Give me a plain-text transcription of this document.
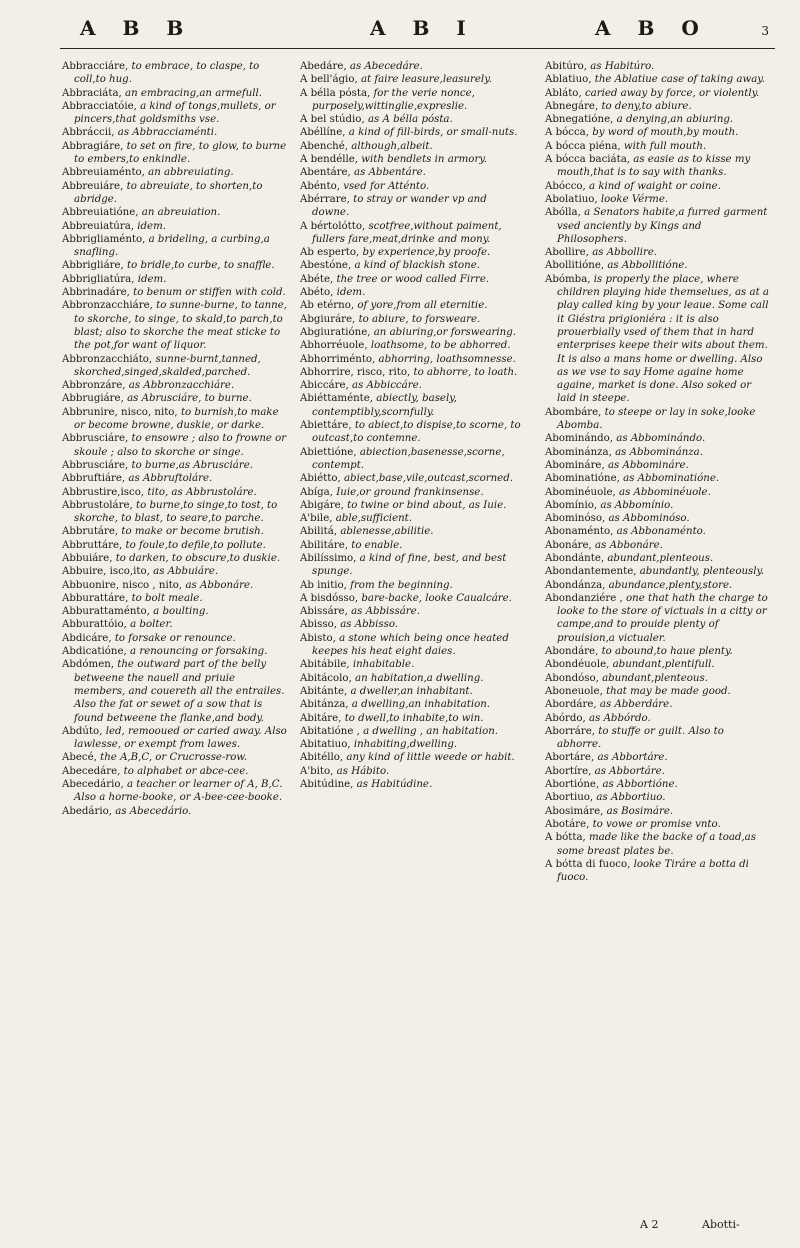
A B B	A B I	A B O	3

Abbracciáre, to embrace, to claspe, to coll,to hug.

Abbraciáta, an embracing,an armefull.

Abbracciatóie, a kind of tongs,mullets, or pincers,that goldsmiths vse.

Abbráccii, as Abbracciaménti.

Abbragiáre, to set on fire, to glow, to burne to embers,to enkindle.

Abbreuiaménto, an abbreuiating.

Abbreuiáre, to abreuiate, to shorten,to abridge.

Abbreuiatióne, an abreuiation.

Abbreuiatúra, idem.

Abbrigliaménto, a brideling, a curbing,a snafling.

Abbrigliáre, to bridle,to curbe, to snaffle.

Abbrigliatúra, idem.

Abbrinadáre, to benum or stiffen with cold.

Abbronzacchiáre, to sunne-burne, to tanne, to skorche, to singe, to skald,to parch,to blast; also to skorche the meat sticke to the pot,for want of liquor.

Abbronzacchiáto, sunne-burnt,tanned, skorched,singed,skalded,parched.

Abbronzáre, as Abbronzacchiáre.

Abbrugiáre, as Abrusciáre, to burne.

Abbrunire, nisco, nito, to burnish,to make or become browne, duskie, or darke.

Abbrusciáre, to ensowre ; also to frowne or skoule ; also to skorche or singe.

Abbrusciáre, to burne,as Abrusciáre.

Abbruftiáre, as Abbruftoláre.

Abbrustire,isco, tito, as Abbrustoláre.

Abbrustoláre, to burne,to singe,to tost, to skorche, to blast, to seare,to parche.

Abbrutáre, to make or become brutish.

Abbruttáre, to foule,to defile,to pollute.

Abbuiáre, to darken, to obscure,to duskie.

Abbuire, isco,ito, as Abbuiáre.

Abbuonire, nisco , nito, as Abbonáre.

Abburattáre, to bolt meale.

Abburattaménto, a boulting.

Abburattóio, a bolter.

Abdicáre, to forsake or renounce.

Abdicatióne, a renouncing or forsaking.

Abdómen, the outward part of the belly betweene the nauell and priuie members, and couereth all the entrailes. Also the fat or sewet of a sow that is found betweene the flanke,and body.

Abdúto, led, remooued or caried away. Also lawlesse, or exempt from lawes.

Abecé, the A,B,C, or Crucrosse-row.

Abecedáre, to alphabet or abce-cee.

Abecedário, a teacher or learner of A, B,C. Also a horne-booke, or A-bee-cee-booke.

Abedário, as Abecedário.

Abedáre, as Abecedáre.

A bell'ágio, at faire leasure,leasurely.

A bélla pósta, for the verie nonce, purposely,wittinglie,expreslie.

A bel stúdio, as A bélla pósta.

Abéllíne, a kind of fill-birds, or small-nuts.

Abenché, although,albeit.

A bendélle, with bendlets in armory.

Abentáre, as Abbentáre.

Abénto, vsed for Atténto.

Abérrare, to stray or wander vp and downe.

A bértolótto, scotfree,without paiment, fullers fare,meat,drinke and mony.

Ab esperto, by experience,by proofe.

Abestóne, a kind of blackish stone.

Abéte, the tree or wood called Firre.

Abéto, idem.

Ab etérno, of yore,from all eternitie.

Abgiuráre, to abiure, to forsweare.

Abgiuratióne, an abiuring,or forswearing.

Abhorréuole, loathsome, to be abhorred.

Abhorriménto, abhorring, loathsomnesse.

Abhorrire, risco, rito, to abhorre, to loath.

Abiccáre, as Abbiccáre.

Abiéttaménte, abiectly, basely, contemptibly,scornfully.

Abiettáre, to abiect,to dispise,to scorne, to outcast,to contemne.

Abiettióne, abiection,basenesse,scorne, contempt.

Abiétto, abiect,base,vile,outcast,scorned.

Abíga, Iuie,or ground frankinsense.

Abigáre, to twine or bind about, as Iuie.

A'bile, able,sufficient.

Abilitá, ablenesse,abilitie.

Abilitáre, to enable.

Abilíssimo, a kind of fine, best, and best spunge.

Ab initio, from the beginning.

A bisdósso, bare-backe, looke Caualcáre.

Abissáre, as Abbissáre.

Abisso, as Abbisso.

Abisto, a stone which being once heated keepes his heat eight daies.

Abitábile, inhabitable.

Abitácolo, an habitation,a dwelling.

Abitánte, a dweller,an inhabitant.

Abitánza, a dwelling,an inhabitation.

Abitáre, to dwell,to inhabite,to win.

Abitatióne , a dwelling , an habitation.

Abitatiuo, inhabiting,dwelling.

Abitéllo, any kind of little weede or habit.

A'bito, as Hábito.

Abitúdine, as Habitúdine.

Abitúro, as Habitúro.

Ablatiuo, the Ablatiue case of taking away.

Abláto, caried away by force, or violently.

Abnegáre, to deny,to abiure.

Abnegatióne, a denying,an abiuring.

A bócca, by word of mouth,by mouth.

A bócca piéna, with full mouth.

A bócca baciáta, as easie as to kisse my mouth,that is to say with thanks.

Abócco, a kind of waight or coine.

Abolatiuo, looke Vérme.

Abólla, a Senators habite,a furred garment vsed anciently by Kings and Philosophers.

Abollire, as Abbollire.

Abollitióne, as Abbollitióne.

Abómba, is properly the place, where children playing hide themselues, as at a play called king by your leaue. Some call it Giéstra prigioniéra : it is also prouerbially vsed of them that in hard enterprises keepe their wits about them. It is also a mans home or dwelling. Also as we vse to say Home againe home againe, market is done. Also soked or laid in steepe.

Abombáre, to steepe or lay in soke,looke Abomba.

Abominándo, as Abbominándo.

Abominánza, as Abbominánza.

Abomináre, as Abbomináre.

Abominatióne, as Abbominatióne.

Abominéuole, as Abbominéuole.

Abomínio, as Abbomínio.

Abominóso, as Abbominóso.

Abonaménto, as Abbonaménto.

Abonáre, as Abbonáre.

Abondánte, abundant,plenteous.

Abondantemente, abundantly, plenteously.

Abondánza, abundance,plenty,store.

Abondanziére , one that hath the charge to looke to the store of victuals in a citty or campe,and to prouide plenty of prouision,a victualer.

Abondáre, to abound,to haue plenty.

Abondéuole, abundant,plentifull.

Abondóso, abundant,plenteous.

Aboneuole, that may be made good.

Abordáre, as Abberdáre.

Abórdo, as Abbórdo.

Aborráre, to stuffe or guilt. Also to abhorre.

Abortáre, as Abbortáre.

Abortíre, as Abbortáre.

Abortióne, as Abbortióne.

Abortiuo, as Abbortiuo.

Abosimáre, as Bosimáre.

Abotáre, to vowe or promise vnto.

A bótta, made like the backe of a toad,as some breast plates be.

A bótta di fuoco, looke Tiráre a botta di fuoco.

A 2	Abotti-
